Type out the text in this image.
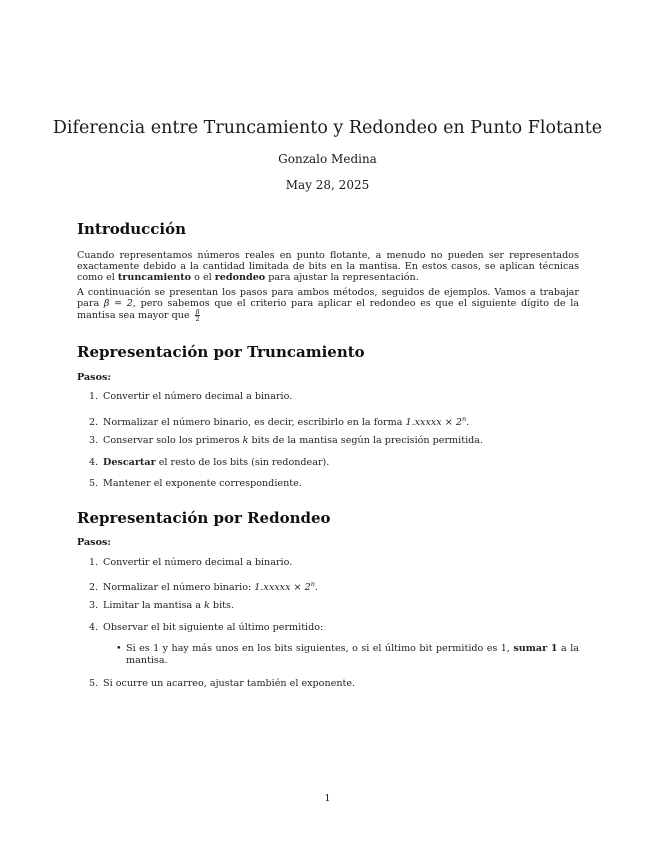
Diferencia entre Truncamiento y Redondeo en Punto Flotante
Gonzalo Medina
May 28, 2025
Introducción
Cuando representamos números reales en punto flotante, a menudo no pueden ser representados exactamente debido a la cantidad limitada de bits en la mantisa. En estos casos, se aplican técnicas como el truncamiento o el redondeo para ajustar la representación.
A continuación se presentan los pasos para ambos métodos, seguidos de ejemplos. Vamos a trabajar para β = 2, pero sabemos que el criterio para aplicar el redondeo es que el siguiente dígito de la mantisa sea mayor que $\frac{\beta}{2}$
Representación por Truncamiento
Pasos:
1. Convertir el número decimal a binario.
2. Normalizar el número binario, es decir, escribirlo en la forma 1.xxxxx × $2^n$.
3. Conservar solo los primeros k bits de la mantisa según la precisión permitida.
4. Descartar el resto de los bits (sin redondear).
5. Mantener el exponente correspondiente.
Representación por Redondeo
Pasos:
1. Convertir el número decimal a binario.
2. Normalizar el número binario: 1.xxxxx × $2^n$.
3. Limitar la mantisa a k bits.
4. Observar el bit siguiente al último permitido:
• Si es 1 y hay más unos en los bits siguientes, o si el último bit permitido es 1, sumar 1 a la mantisa.
5. Si ocurre un acarreo, ajustar también el exponente.
1
